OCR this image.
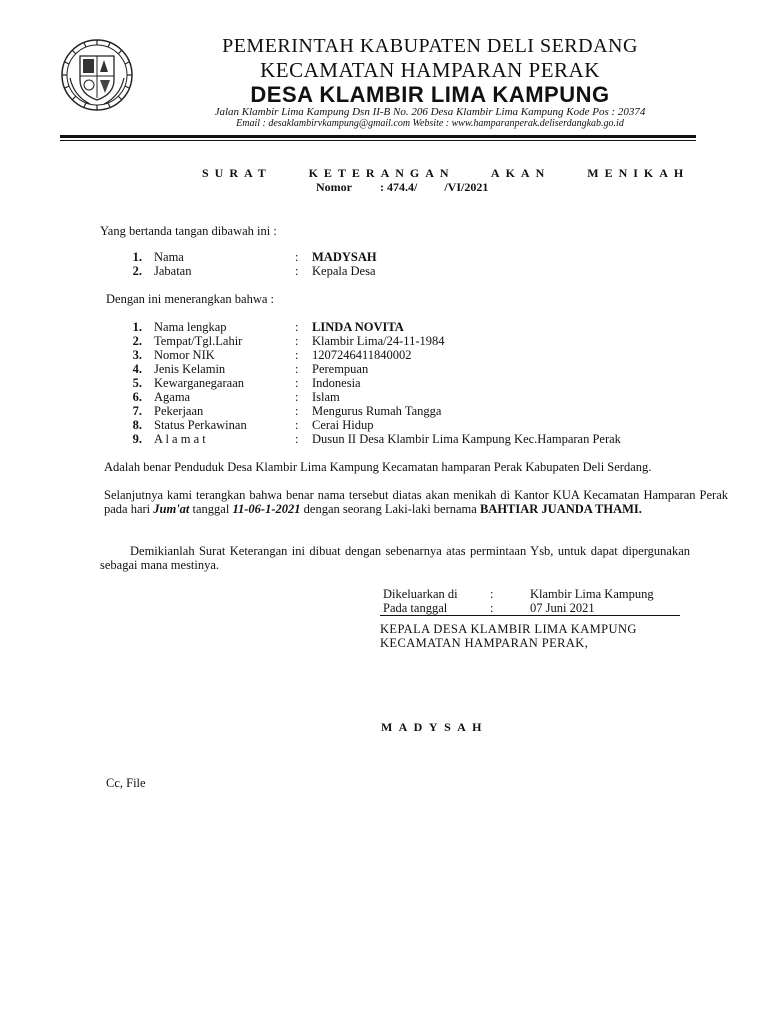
PEMERINTAH KABUPATEN DELI SERDANG
KECAMATAN HAMPARAN PERAK
DESA KLAMBIR LIMA KAMPUNG
Jalan Klambir Lima Kampung Dsn II-B No. 206 Desa Klambir Lima Kampung Kode Pos : 20374
Email : desaklambirvkampung@gmail.com Website : www.hamparanperak.deliserdangkab.go.id
SURAT KETERANGAN AKAN MENIKAH
Nomor : 474.4/         /VI/2021
Yang bertanda tangan dibawah ini :
1. Nama	: MADYSAH
2. Jabatan	: Kepala Desa
Dengan ini menerangkan bahwa :
1. Nama lengkap	: LINDA NOVITA
2. Tempat/Tgl.Lahir	: Klambir Lima/24-11-1984
3. Nomor NIK	: 1207246411840002
4. Jenis Kelamin	: Perempuan
5. Kewarganegaraan	: Indonesia
6. Agama	: Islam
7. Pekerjaan	: Mengurus Rumah Tangga
8. Status Perkawinan	: Cerai Hidup
9. A l a m a t	: Dusun II Desa Klambir Lima Kampung Kec.Hamparan Perak
Adalah benar Penduduk Desa Klambir Lima Kampung Kecamatan hamparan Perak Kabupaten Deli Serdang.
Selanjutnya kami terangkan bahwa benar nama tersebut diatas akan menikah di Kantor KUA Kecamatan Hamparan Perak pada hari Jum'at tanggal 11-06-1-2021 dengan seorang Laki-laki bernama BAHTIAR JUANDA THAMI.
Demikianlah Surat Keterangan ini dibuat dengan sebenarnya atas permintaan Ysb, untuk dapat dipergunakan sebagai mana mestinya.
Dikeluarkan di	:	Klambir Lima Kampung
Pada tanggal	:	07 Juni 2021
KEPALA DESA KLAMBIR LIMA KAMPUNG
KECAMATAN HAMPARAN PERAK,
M A D Y S A H
Cc, File
